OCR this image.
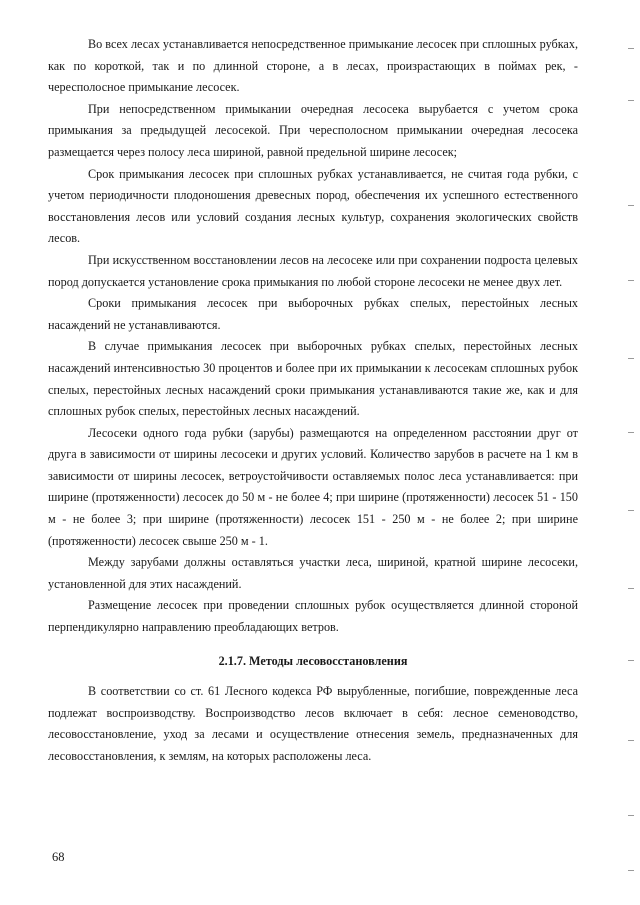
Во всех лесах устанавливается непосредственное примыкание лесосек при сплошных рубках, как по короткой, так и по длинной стороне, а в лесах, произрастающих в поймах рек, - чересполосное примыкание лесосек.

При непосредственном примыкании очередная лесосека вырубается с учетом срока примыкания за предыдущей лесосекой. При чересполосном примыкании очередная лесосека размещается через полосу леса шириной, равной предельной ширине лесосек;

Срок примыкания лесосек при сплошных рубках устанавливается, не считая года рубки, с учетом периодичности плодоношения древесных пород, обеспечения их успешного естественного восстановления лесов или условий создания лесных культур, сохранения экологических свойств лесов.

При искусственном восстановлении лесов на лесосеке или при сохранении подроста целевых пород допускается установление срока примыкания по любой стороне лесосеки не менее двух лет.

Сроки примыкания лесосек при выборочных рубках спелых, перестойных лесных насаждений не устанавливаются.

В случае примыкания лесосек при выборочных рубках спелых, перестойных лесных насаждений интенсивностью 30 процентов и более при их примыкании к лесосекам сплошных рубок спелых, перестойных лесных насаждений сроки примыкания устанавливаются такие же, как и для сплошных рубок спелых, перестойных лесных насаждений.

Лесосеки одного года рубки (зарубы) размещаются на определенном расстоянии друг от друга в зависимости от ширины лесосеки и других условий. Количество зарубов в расчете на 1 км в зависимости от ширины лесосек, ветроустойчивости оставляемых полос леса устанавливается: при ширине (протяженности) лесосек до 50 м - не более 4; при ширине (протяженности) лесосек 51 - 150 м - не более 3; при ширине (протяженности) лесосек 151 - 250 м - не более 2; при ширине (протяженности) лесосек свыше 250 м - 1.

Между зарубами должны оставляться участки леса, шириной, кратной ширине лесосеки, установленной для этих насаждений.

Размещение лесосек при проведении сплошных рубок осуществляется длинной стороной перпендикулярно направлению преобладающих ветров.

2.1.7. Методы лесовосстановления

В соответствии со ст. 61 Лесного кодекса РФ вырубленные, погибшие, поврежденные леса подлежат воспроизводству. Воспроизводство лесов включает в себя: лесное семеноводство, лесовосстановление, уход за лесами и осуществление отнесения земель, предназначенных для лесовосстановления, к землям, на которых расположены леса.

68
